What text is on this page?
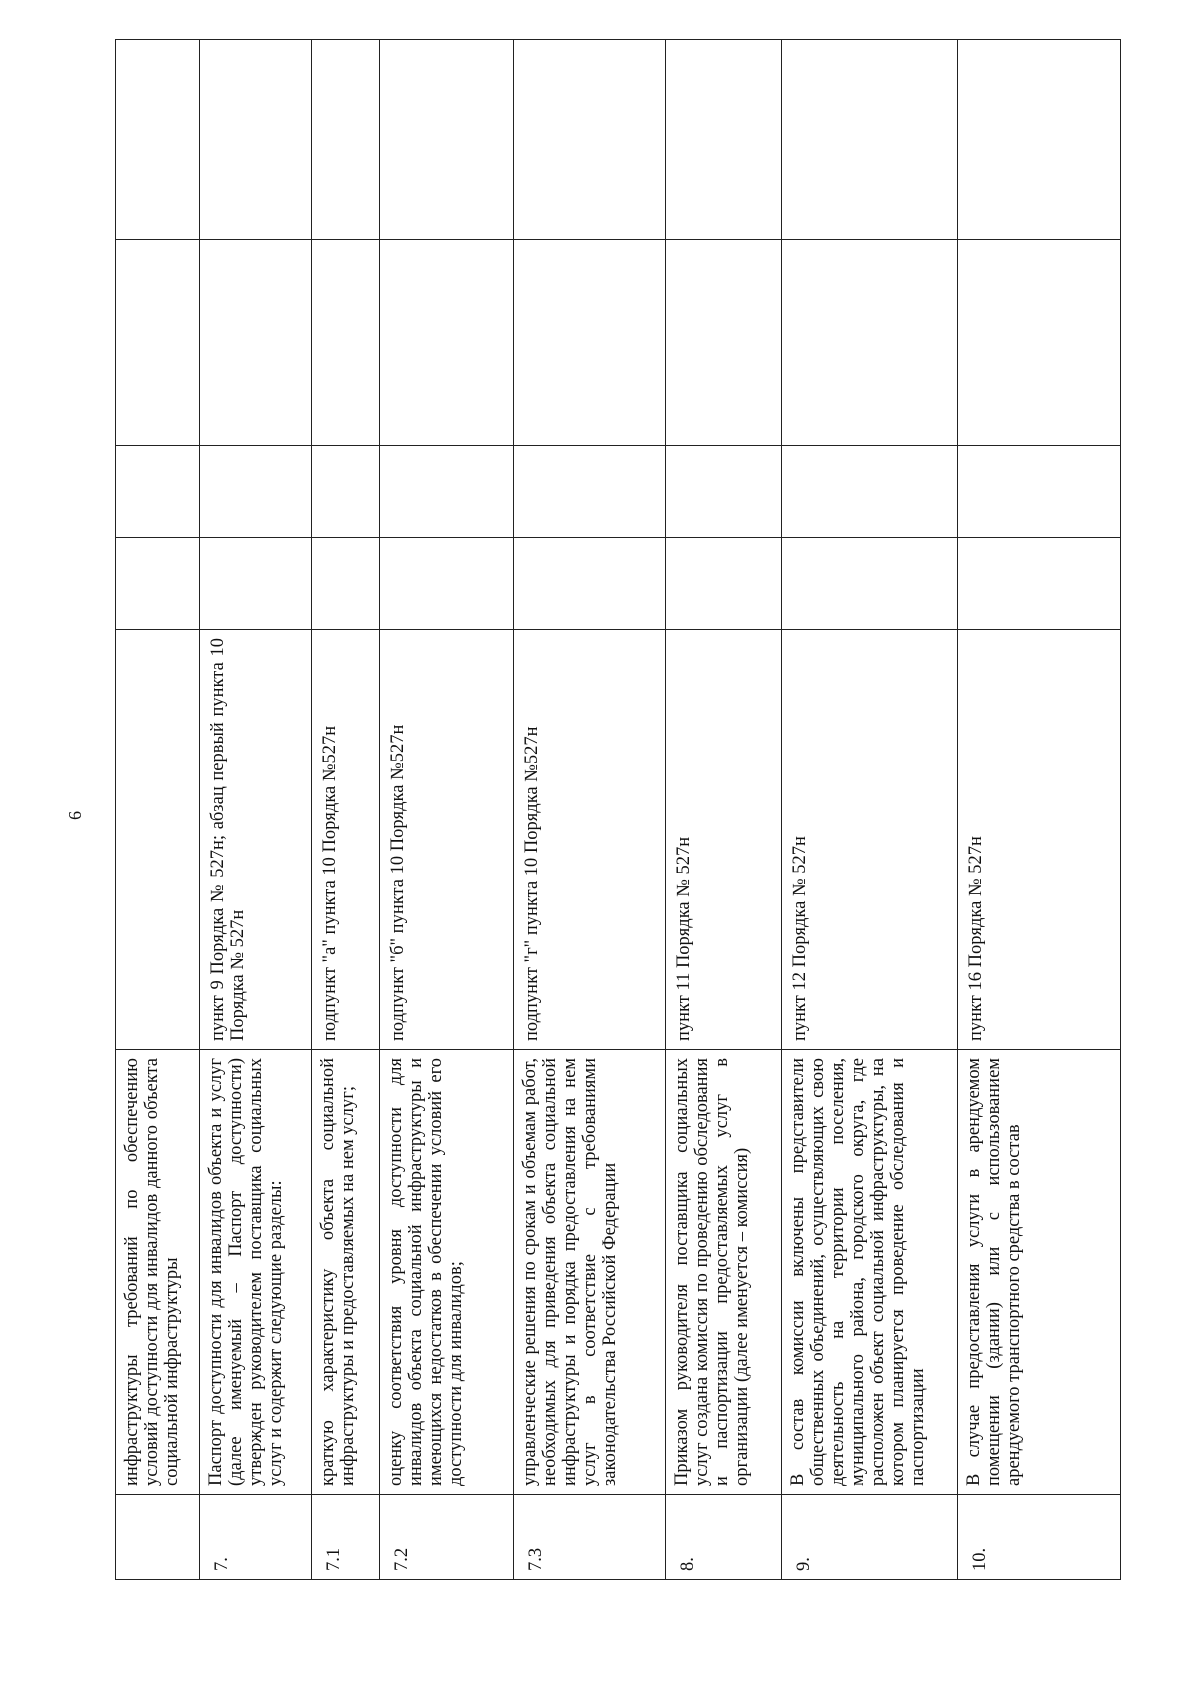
6
	инфраструктуры требований по обеспечению условий доступности для инвалидов данного объекта социальной инфраструктуры					
7.	Паспорт доступности для инвалидов объекта и услуг (далее именуемый – Паспорт доступности) утвержден руководителем поставщика социальных услуг и содержит следующие разделы:	пункт 9 Порядка № 527н; абзац первый пункта 10 Порядка № 527н				
7.1	краткую характеристику объекта социальной инфраструктуры и предоставляемых на нем услуг;	подпункт "а" пункта 10 Порядка №527н				
7.2	оценку соответствия уровня доступности для инвалидов объекта социальной инфраструктуры и имеющихся недостатков в обеспечении условий его доступности для инвалидов;	подпункт "б" пункта 10 Порядка №527н				
7.3	управленческие решения по срокам и объемам работ, необходимых для приведения объекта социальной инфраструктуры и порядка предоставления на нем услуг в соответствие с требованиями законодательства Российской Федерации	подпункт "г" пункта 10 Порядка №527н				
8.	Приказом руководителя поставщика социальных услуг создана комиссия по проведению обследования и паспортизации предоставляемых услуг в организации (далее именуется – комиссия)	пункт 11 Порядка № 527н				
9.	В состав комиссии включены представители общественных объединений, осуществляющих свою деятельность на территории поселения, муниципального района, городского округа, где расположен объект социальной инфраструктуры, на котором планируется проведение обследования и паспортизации	пункт 12 Порядка № 527н				
10.	В случае предоставления услуги в арендуемом помещении (здании) или с использованием арендуемого транспортного средства в состав	пункт 16 Порядка № 527н				
